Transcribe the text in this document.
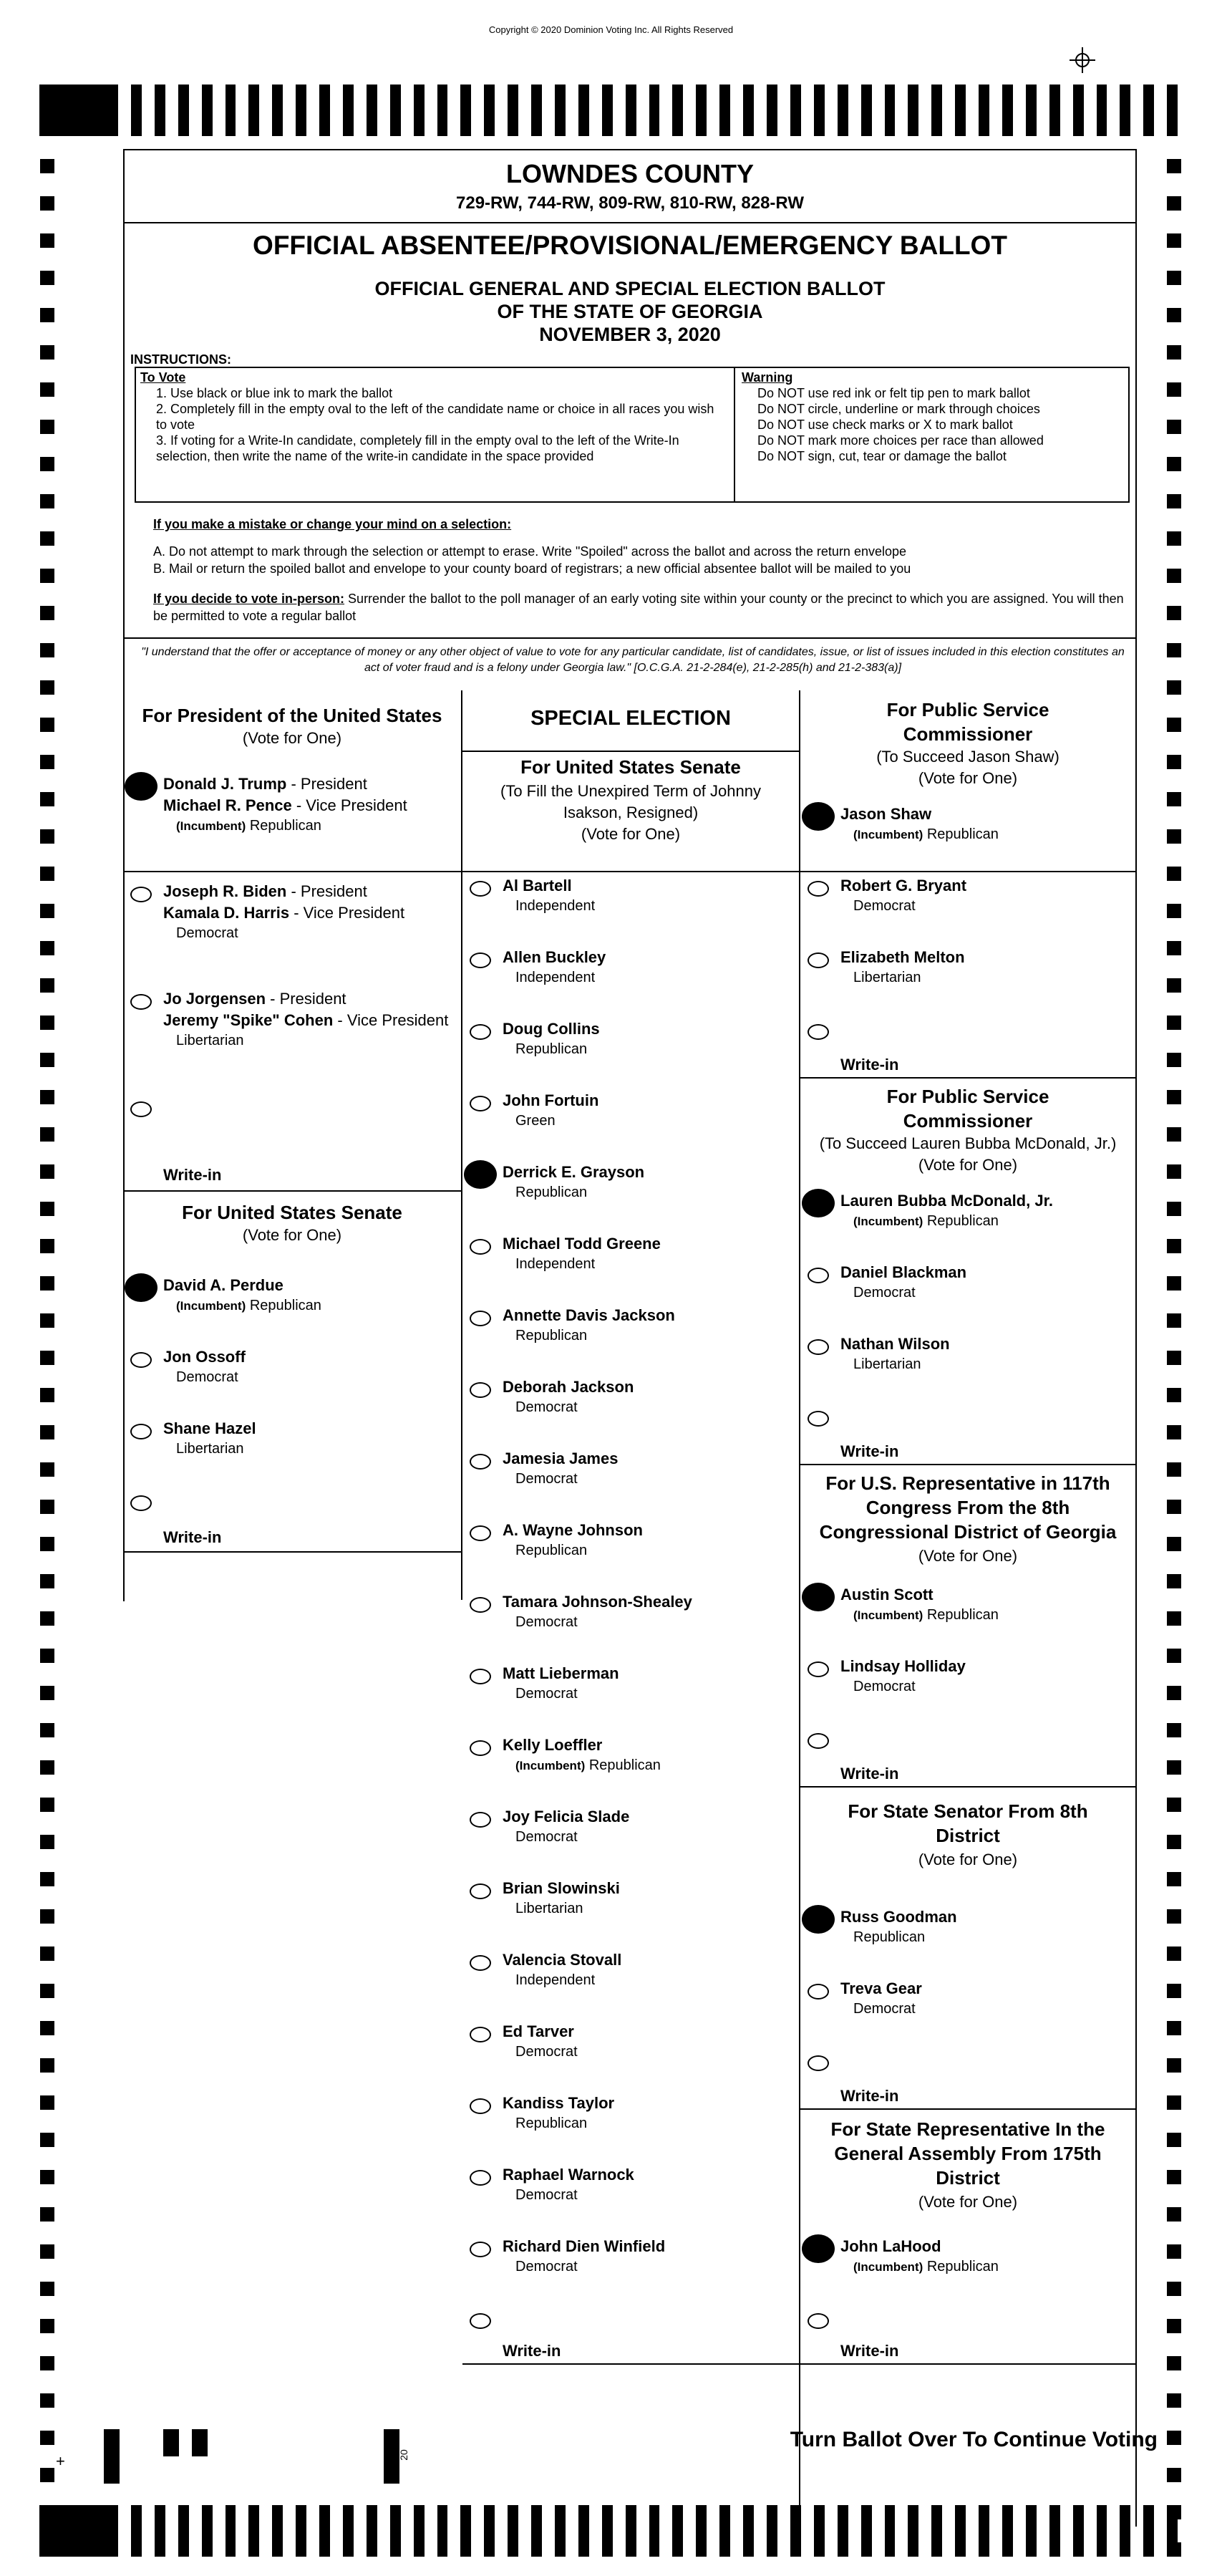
Copyright © 2020 Dominion Voting Inc. All Rights Reserved
LOWNDES COUNTY
729-RW, 744-RW, 809-RW, 810-RW, 828-RW
OFFICIAL ABSENTEE/PROVISIONAL/EMERGENCY BALLOT
OFFICIAL GENERAL AND SPECIAL ELECTION BALLOT
OF THE STATE OF GEORGIA
NOVEMBER 3, 2020
INSTRUCTIONS:
To Vote
1. Use black or blue ink to mark the ballot
2. Completely fill in the empty oval to the left of the candidate name or choice in all races you wish to vote
3. If voting for a Write-In candidate, completely fill in the empty oval to the left of the Write-In selection, then write the name of the write-in candidate in the space provided
Warning
Do NOT use red ink or felt tip pen to mark ballot
Do NOT circle, underline or mark through choices
Do NOT use check marks or X to mark ballot
Do NOT mark more choices per race than allowed
Do NOT sign, cut, tear or damage the ballot
If you make a mistake or change your mind on a selection:
A. Do not attempt to mark through the selection or attempt to erase. Write "Spoiled" across the ballot and across the return envelope
B. Mail or return the spoiled ballot and envelope to your county board of registrars; a new official absentee ballot will be mailed to you
If you decide to vote in-person: Surrender the ballot to the poll manager of an early voting site within your county or the precinct to which you are assigned. You will then be permitted to vote a regular ballot
"I understand that the offer or acceptance of money or any other object of value to vote for any particular candidate, list of candidates, issue, or list of issues included in this election constitutes an act of voter fraud and is a felony under Georgia law." [O.C.G.A. 21-2-284(e), 21-2-285(h) and 21-2-383(a)]
For President of the United States
(Vote for One)
Donald J. Trump - President
Michael R. Pence - Vice President
(Incumbent) Republican
Joseph R. Biden - President
Kamala D. Harris - Vice President
Democrat
Jo Jorgensen - President
Jeremy "Spike" Cohen - Vice President
Libertarian
Write-in
For United States Senate
(Vote for One)
David A. Perdue
(Incumbent) Republican
Jon Ossoff
Democrat
Shane Hazel
Libertarian
Write-in
SPECIAL ELECTION
For United States Senate
(To Fill the Unexpired Term of Johnny Isakson, Resigned)
(Vote for One)
Al Bartell
Independent
Allen Buckley
Independent
Doug Collins
Republican
John Fortuin
Green
Derrick E. Grayson
Republican
Michael Todd Greene
Independent
Annette Davis Jackson
Republican
Deborah Jackson
Democrat
Jamesia James
Democrat
A. Wayne Johnson
Republican
Tamara Johnson-Shealey
Democrat
Matt Lieberman
Democrat
Kelly Loeffler
(Incumbent) Republican
Joy Felicia Slade
Democrat
Brian Slowinski
Libertarian
Valencia Stovall
Independent
Ed Tarver
Democrat
Kandiss Taylor
Republican
Raphael Warnock
Democrat
Richard Dien Winfield
Democrat
Write-in
For Public Service Commissioner
(To Succeed Jason Shaw)
(Vote for One)
Jason Shaw
(Incumbent) Republican
Robert G. Bryant
Democrat
Elizabeth Melton
Libertarian
Write-in
For Public Service Commissioner
(To Succeed Lauren Bubba McDonald, Jr.)
(Vote for One)
Lauren Bubba McDonald, Jr.
(Incumbent) Republican
Daniel Blackman
Democrat
Nathan Wilson
Libertarian
Write-in
For U.S. Representative in 117th Congress From the 8th Congressional District of Georgia
(Vote for One)
Austin Scott
(Incumbent) Republican
Lindsay Holliday
Democrat
Write-in
For State Senator From 8th District
(Vote for One)
Russ Goodman
Republican
Treva Gear
Democrat
Write-in
For State Representative In the General Assembly From 175th District
(Vote for One)
John LaHood
(Incumbent) Republican
Write-in
+	20
Turn Ballot Over To Continue Voting
